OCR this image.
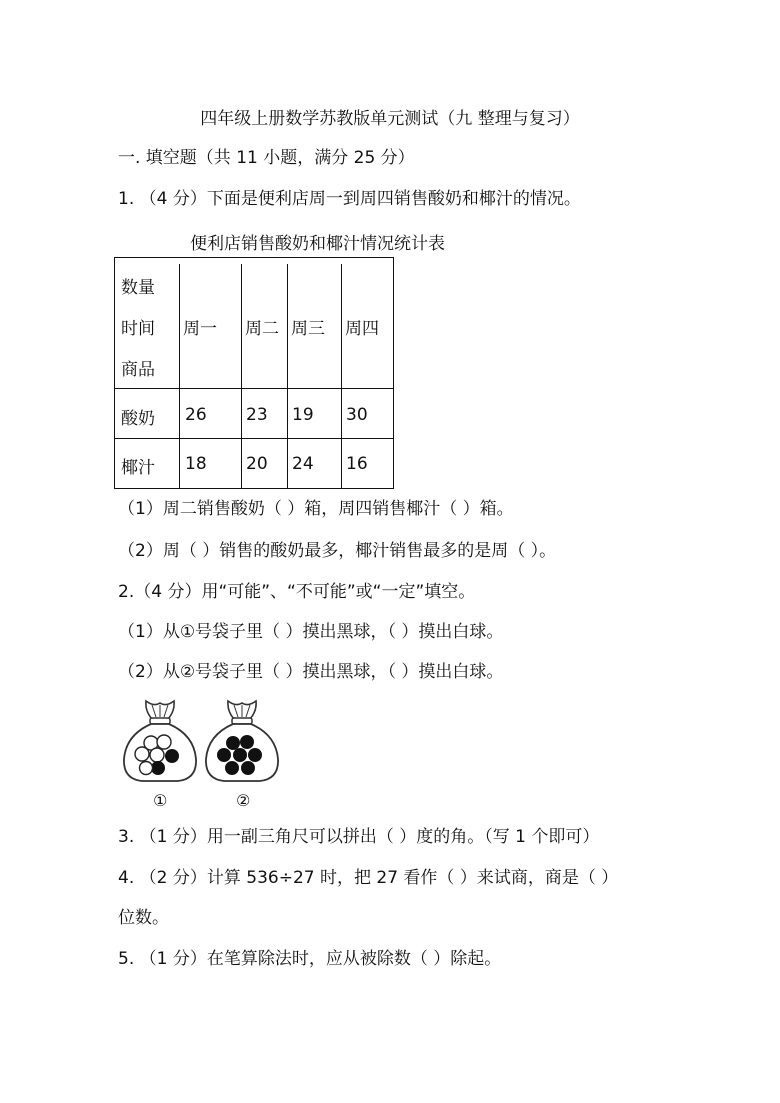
四年级上册数学苏教版单元测试（九 整理与复习）
一. 填空题（共 11 小题，满分 25 分）
1. （4 分）下面是便利店周一到周四销售酸奶和椰汁的情况。
便利店销售酸奶和椰汁情况统计表
数量
时间
商品
周一 周二 周三 周四
酸奶 26 23 19 30
椰汁 18 20 24 16
（1）周二销售酸奶（ ）箱，周四销售椰汁（ ）箱。
（2）周（ ）销售的酸奶最多，椰汁销售最多的是周（ ）。
2.（4 分）用“可能”、“不可能”或“一定”填空。
（1）从①号袋子里（ ）摸出黑球，（ ）摸出白球。
（2）从②号袋子里（ ）摸出黑球，（ ）摸出白球。
①	②
3. （1 分）用一副三角尺可以拼出（ ）度的角。（写 1 个即可）
4. （2 分）计算 536÷27 时，把 27 看作（ ）来试商，商是（ ）
位数。
5. （1 分）在笔算除法时，应从被除数（ ）除起。
